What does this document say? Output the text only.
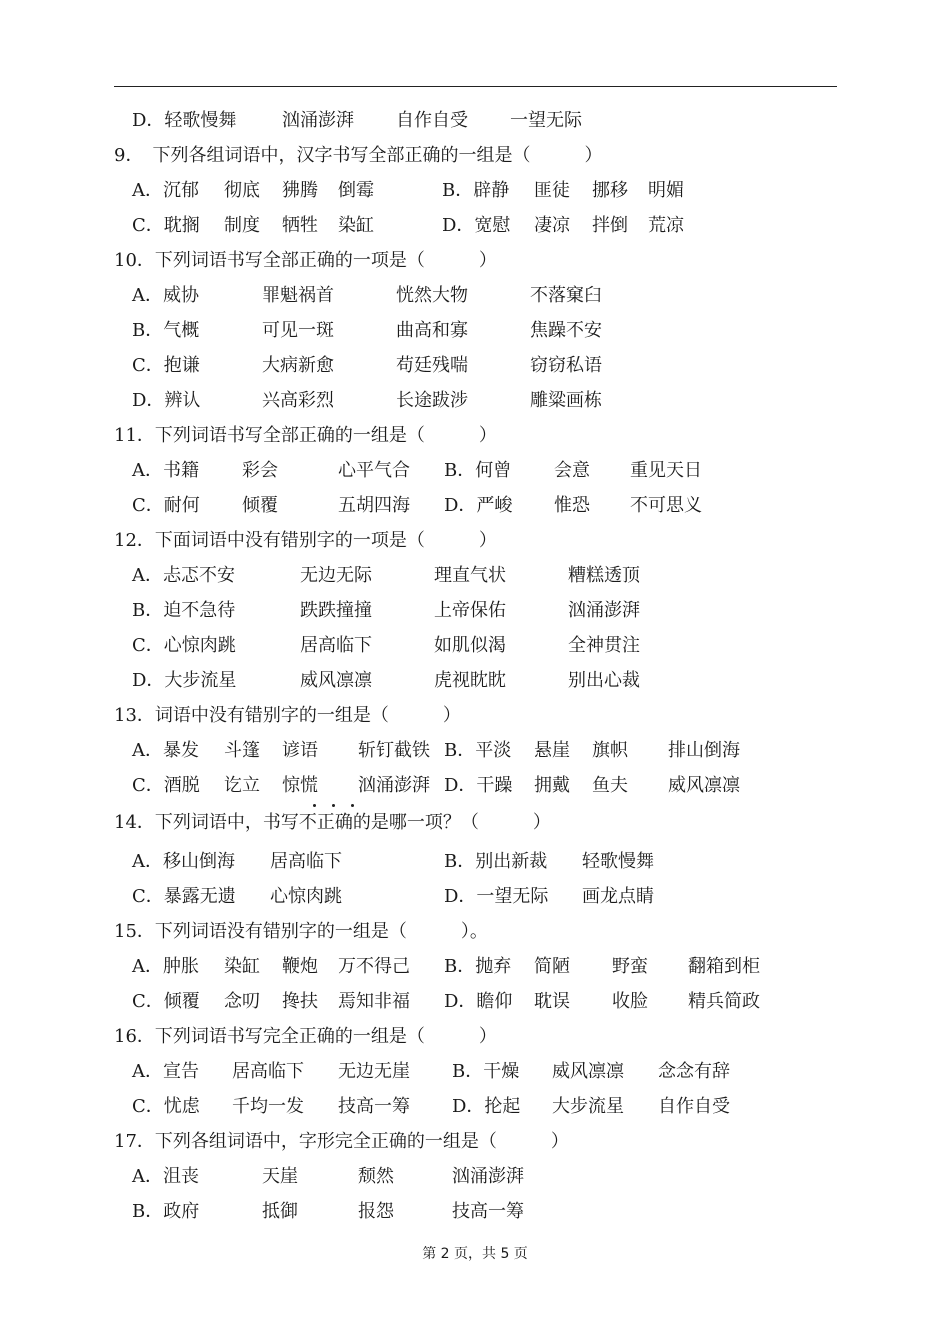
D．轻歌慢舞	汹涌澎湃 自作自受 一望无际
9．　下列各组词语中，汉字书写全部正确的一组是（　　　）
A．沉郁 彻底 狒腾 倒霉	B．辟静 匪徒 挪移 明媚
C．耽搁 制度 牺牲 染缸	D．宽慰 凄凉 拌倒 荒凉
10．下列词语书写全部正确的一项是（　　　）
A．威协	罪魁祸首	恍然大物	不落窠臼
B．气概	可见一斑	曲高和寡	焦躁不安
C．抱谦	大病新愈	苟廷残喘	窃窃私语
D．辨认	兴高彩烈	长途跋涉	雕粱画栋
11．下列词语书写全部正确的一组是（　　　）
A．书籍 彩会	心平气合 B．何曾 会意 重见天日
C．耐何 倾覆	五胡四海 D．严峻 惟恐 不可思义
12．下面词语中没有错别字的一项是（　　　）
A．忐忑不安	无边无际	理直气状	糟糕透顶
B．迫不急待	跌跌撞撞	上帝保佑	汹涌澎湃
C．心惊肉跳	居高临下	如肌似渴	全神贯注
D．大步流星	威风凛凛	虎视眈眈	别出心裁
13．词语中没有错别字的一组是（　　　）
A．暴发 斗篷 谚语 斩钉截铁 B．平淡 悬崖 旗帜 排山倒海
C．酒脱 讫立 惊慌 汹涌澎湃 D．干躁 拥戴 鱼夫 威风凛凛
14．下列词语中，书写不正确的是哪一项？（　　　）
A．移山倒海 居高临下	B．别出新裁 轻歌慢舞
C．暴露无遗 心惊肉跳	D．一望无际 画龙点睛
15．下列词语没有错别字的一组是（　　　）。
A．肿胀 染缸 鞭炮 万不得己 B．抛弃 简陋 野蛮 翻箱到柜
C．倾覆 念叨 搀扶 焉知非福 D．瞻仰 耽误 收脸 精兵简政
16．下列词语书写完全正确的一组是（　　　）
A．宣告 居高临下 无边无崖 B．干燥 威风凛凛 念念有辞
C．忧虑 千均一发 技高一筹 D．抡起 大步流星 自作自受
17．下列各组词语中，字形完全正确的一组是（　　　）
A．沮丧	天崖	颓然	汹涌澎湃
B．政府	抵御	报怨	技高一筹
第 2 页，共 5 页
